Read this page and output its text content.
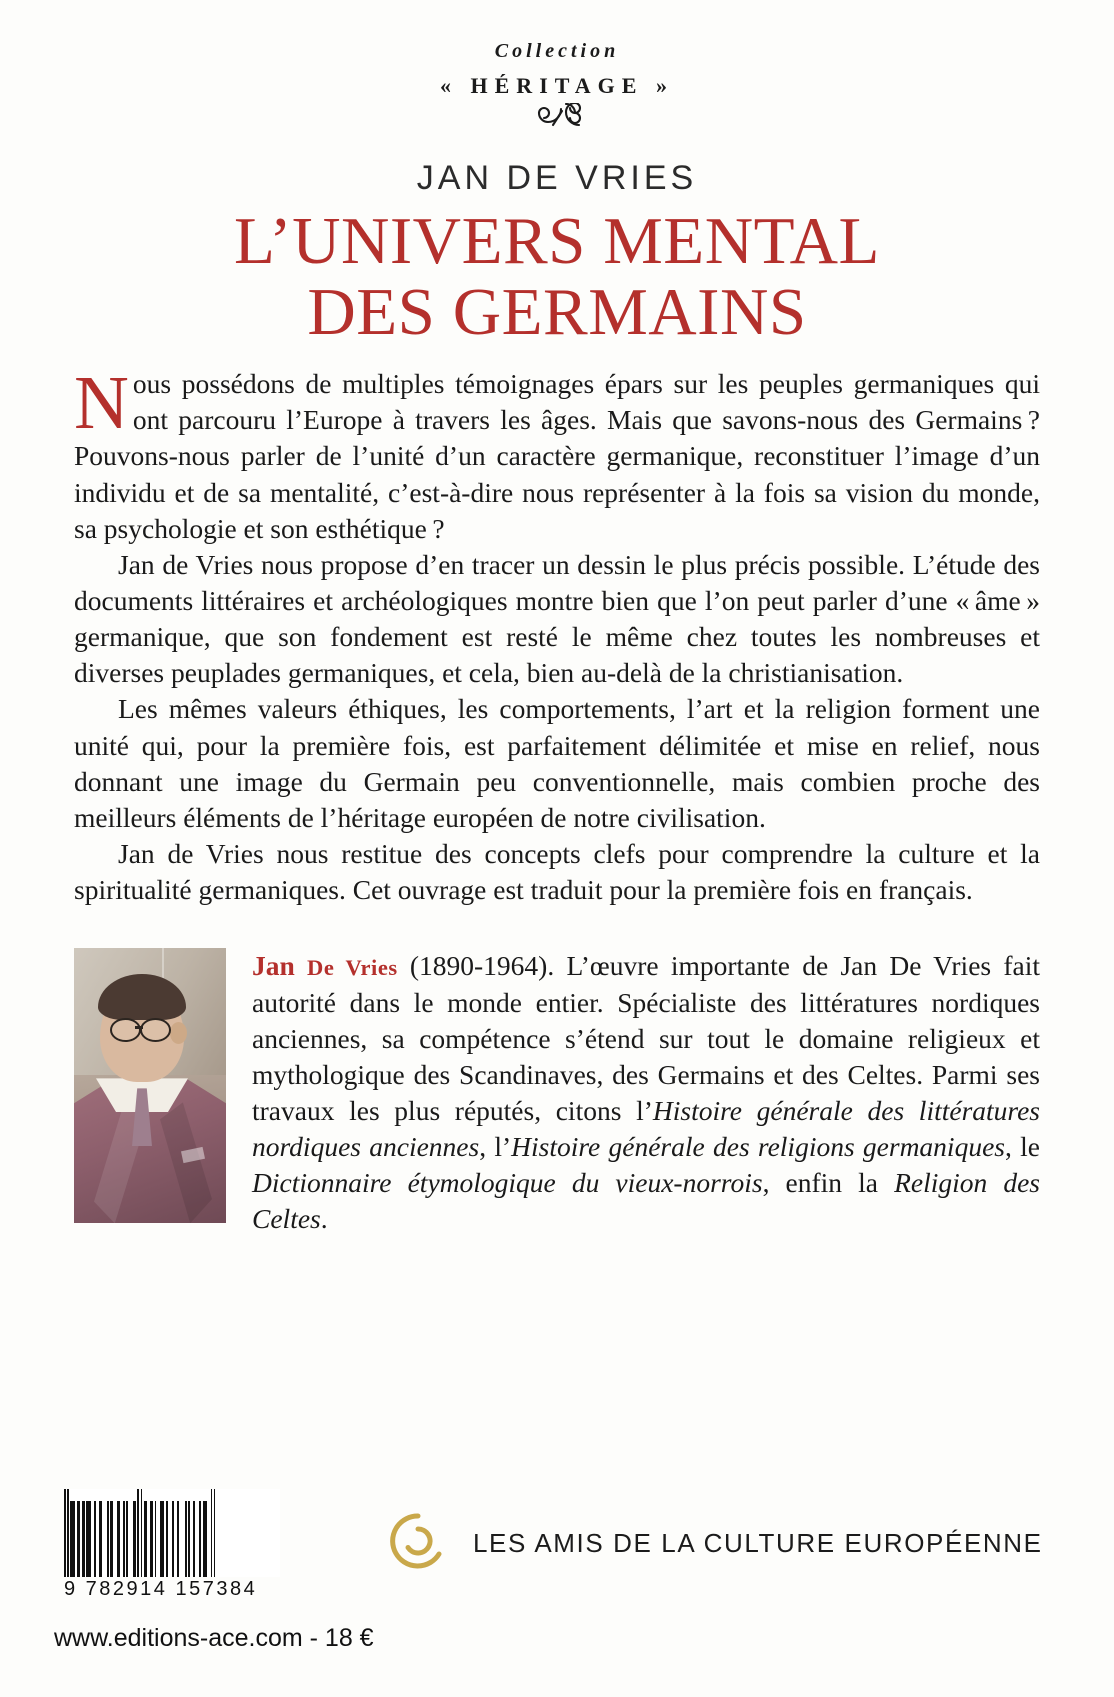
Collection
« HÉRITAGE »
JAN DE VRIES
L’UNIVERS MENTAL
DES GERMAINS

Nous possédons de multiples témoignages épars sur les peuples germaniques qui ont parcouru l’Europe à travers les âges. Mais que savons-nous des Germains ? Pouvons-nous parler de l’unité d’un caractère germanique, reconstituer l’image d’un individu et de sa mentalité, c’est-à-dire nous représenter à la fois sa vision du monde, sa psychologie et son esthétique ?

Jan de Vries nous propose d’en tracer un dessin le plus précis possible. L’étude des documents littéraires et archéologiques montre bien que l’on peut parler d’une « âme » germanique, que son fondement est resté le même chez toutes les nombreuses et diverses peuplades germaniques, et cela, bien au-delà de la christianisation.

Les mêmes valeurs éthiques, les comportements, l’art et la religion forment une unité qui, pour la première fois, est parfaitement délimitée et mise en relief, nous donnant une image du Germain peu conventionnelle, mais combien proche des meilleurs éléments de l’héritage européen de notre civilisation.

Jan de Vries nous restitue des concepts clefs pour comprendre la culture et la spiritualité germaniques. Cet ouvrage est traduit pour la première fois en français.

Jan De Vries (1890-1964). L’œuvre importante de Jan De Vries fait autorité dans le monde entier. Spécialiste des littératures nordiques anciennes, sa compétence s’étend sur tout le domaine religieux et mythologique des Scandinaves, des Germains et des Celtes. Parmi ses travaux les plus réputés, citons l’Histoire générale des littératures nordiques anciennes, l’Histoire générale des religions germaniques, le Dictionnaire étymologique du vieux-norrois, enfin la Religion des Celtes.
9 782914 157384
www.editions-ace.com - 18 €
LES AMIS DE LA CULTURE EUROPÉENNE
